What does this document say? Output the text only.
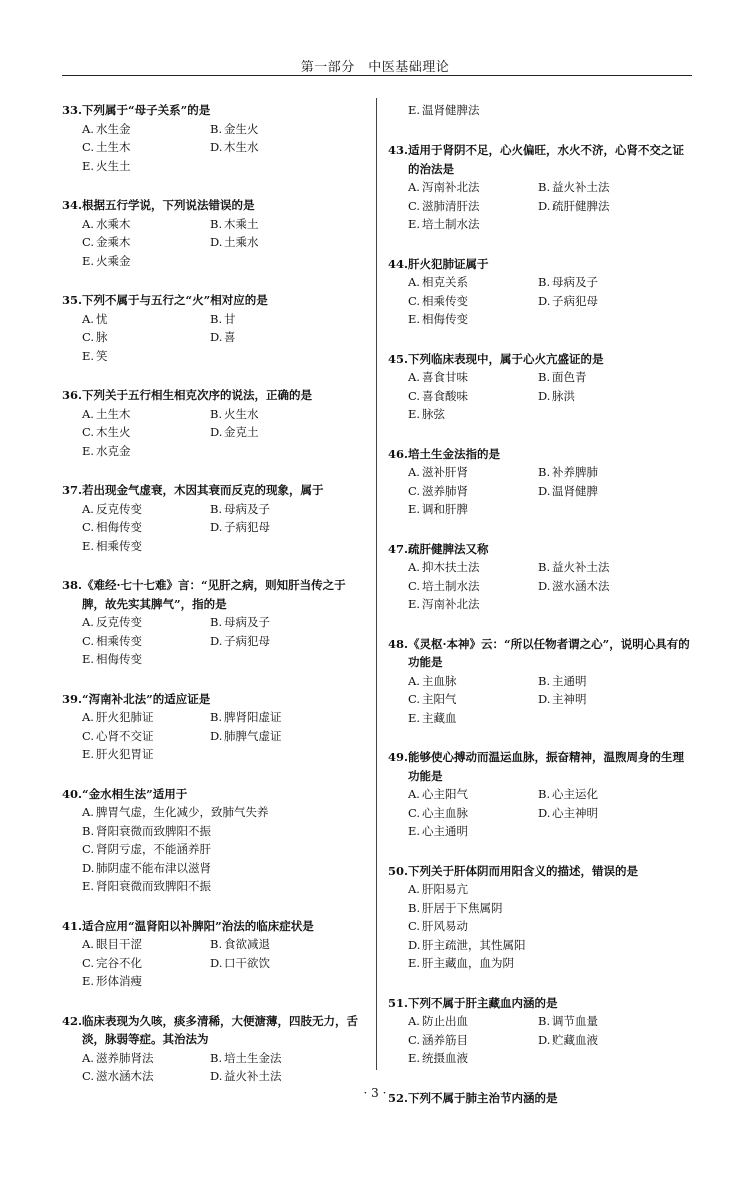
第一部分　中医基础理论
33. 下列属于“母子关系”的是
A. 水生金	B. 金生火
C. 土生木	D. 木生水
E. 火生土
34. 根据五行学说，下列说法错误的是
A. 水乘木	B. 木乘土
C. 金乘木	D. 土乘水
E. 火乘金
35. 下列不属于与五行之“火”相对应的是
A. 忧	B. 甘
C. 脉	D. 喜
E. 笑
36. 下列关于五行相生相克次序的说法，正确的是
A. 土生木	B. 火生水
C. 木生火	D. 金克土
E. 水克金
37. 若出现金气虚衰，木因其衰而反克的现象，属于
A. 反克传变	B. 母病及子
C. 相侮传变	D. 子病犯母
E. 相乘传变
38. 《难经·七十七难》言：“见肝之病，则知肝当传之于脾，故先实其脾气”，指的是
A. 反克传变	B. 母病及子
C. 相乘传变	D. 子病犯母
E. 相侮传变
39. “泻南补北法”的适应证是
A. 肝火犯肺证	B. 脾肾阳虚证
C. 心肾不交证	D. 肺脾气虚证
E. 肝火犯胃证
40. “金水相生法”适用于
A. 脾胃气虚，生化减少，致肺气失养
B. 肾阳衰微而致脾阳不振
C. 肾阴亏虚，不能涵养肝
D. 肺阴虚不能布津以滋肾
E. 肾阳衰微而致脾阳不振
41. 适合应用“温肾阳以补脾阳”治法的临床症状是
A. 眼目干涩	B. 食欲减退
C. 完谷不化	D. 口干欲饮
E. 形体消瘦
42. 临床表现为久咳，痰多清稀，大便溏薄，四肢无力，舌淡，脉弱等症。其治法为
A. 滋养肺肾法	B. 培土生金法
C. 滋水涵木法	D. 益火补土法
E. 温肾健脾法
43. 适用于肾阴不足，心火偏旺，水火不济，心肾不交之证的治法是
A. 泻南补北法	B. 益火补土法
C. 滋肺清肝法	D. 疏肝健脾法
E. 培土制水法
44. 肝火犯肺证属于
A. 相克关系	B. 母病及子
C. 相乘传变	D. 子病犯母
E. 相侮传变
45. 下列临床表现中，属于心火亢盛证的是
A. 喜食甘味	B. 面色青
C. 喜食酸味	D. 脉洪
E. 脉弦
46. 培土生金法指的是
A. 滋补肝肾	B. 补养脾肺
C. 滋养肺肾	D. 温肾健脾
E. 调和肝脾
47. 疏肝健脾法又称
A. 抑木扶土法	B. 益火补土法
C. 培土制水法	D. 滋水涵木法
E. 泻南补北法
48. 《灵枢·本神》云：“所以任物者谓之心”，说明心具有的功能是
A. 主血脉	B. 主通明
C. 主阳气	D. 主神明
E. 主藏血
49. 能够使心搏动而温运血脉，振奋精神，温煦周身的生理功能是
A. 心主阳气	B. 心主运化
C. 心主血脉	D. 心主神明
E. 心主通明
50. 下列关于肝体阴而用阳含义的描述，错误的是
A. 肝阳易亢
B. 肝居于下焦属阴
C. 肝风易动
D. 肝主疏泄，其性属阳
E. 肝主藏血，血为阴
51. 下列不属于肝主藏血内涵的是
A. 防止出血	B. 调节血量
C. 涵养筋目	D. 贮藏血液
E. 统摄血液
52. 下列不属于肺主治节内涵的是
· 3 ·
